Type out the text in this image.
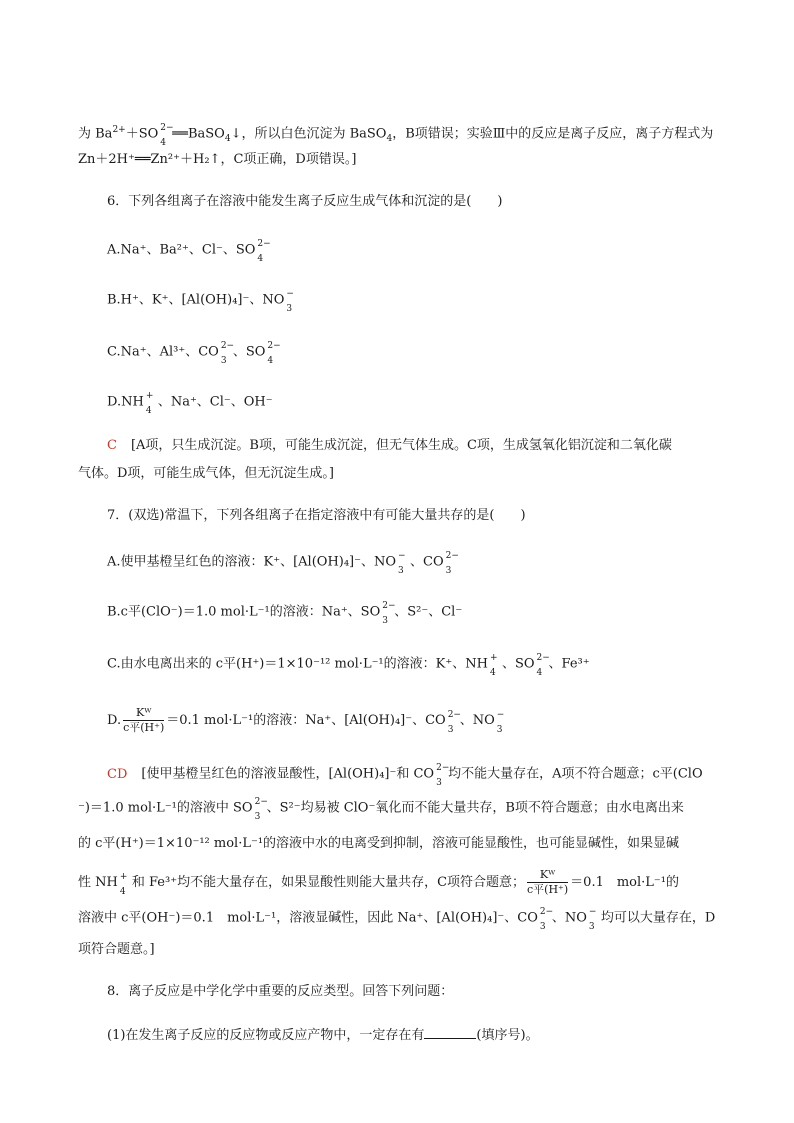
为 $Ba^{2+}+SO$ 2−
4
══BaSO$_4$↓，所以白色沉淀为 BaSO$_4$，B项错误；实验Ⅲ中的反应是离子反应，离子方程式为
Zn＋2H⁺══Zn²⁺＋H₂↑，C项正确，D项错误。]
6．下列各组离子在溶液中能发生离子反应生成气体和沉淀的是(　　)
A.Na⁺、Ba²⁺、Cl⁻、SO 2−
4
B.H⁺、K⁺、[Al(OH)₄]⁻、NO −
3
C.Na⁺、Al³⁺、CO 2−
3
、SO 2−
4
D.NH +
4
、Na⁺、Cl⁻、OH⁻
C [A项，只生成沉淀。B项，可能生成沉淀，但无气体生成。C项，生成氢氧化铝沉淀和二氧化碳
气体。D项，可能生成气体，但无沉淀生成。]
7．(双选)常温下，下列各组离子在指定溶液中有可能大量共存的是(　　)
A.使甲基橙呈红色的溶液：K⁺、[Al(OH)₄]⁻、NO −
3
、CO 2−
3
B.c平(ClO⁻)＝1.0 mol·L⁻¹的溶液：Na⁺、SO 2−
3
、S²⁻、Cl⁻
C.由水电离出来的 c平(H⁺)＝1×10⁻¹² mol·L⁻¹的溶液：K⁺、NH +
4
、SO 2−
4
、Fe³⁺
D. $\frac{\text{Kᵂ}}{\text{c平(H⁺)}} =0.1$ mol·L⁻¹的溶液：Na⁺、[Al(OH)₄]⁻、CO 2−
3
、NO −
3
CD [使甲基橙呈红色的溶液显酸性，[Al(OH)₄]⁻和 CO 2−
3
均不能大量存在，A项不符合题意；c平(ClO
⁻)＝1.0 mol·L⁻¹的溶液中 SO 2−
3
、S²⁻均易被 ClO⁻氧化而不能大量共存，B项不符合题意；由水电离出来
的 c平(H⁺)＝1×10⁻¹² mol·L⁻¹的溶液中水的电离受到抑制，溶液可能显酸性，也可能显碱性，如果显碱
性 NH +
4
和 Fe³⁺均不能大量存在，如果显酸性则能大量共存，C项符合题意； $\frac{\text{Kᵂ}}{\text{c平(H⁺)}} =0.1$　mol·L⁻¹的
溶液中 c平(OH⁻)＝0.1　mol·L⁻¹，溶液显碱性，因此 Na⁺、[Al(OH)₄]⁻、CO 2−
3
、NO −
3
均可以大量存在，D
项符合题意。]
8．离子反应是中学化学中重要的反应类型。回答下列问题：
(1)在发生离子反应的反应物或反应产物中，一定存在有	(填序号)。
